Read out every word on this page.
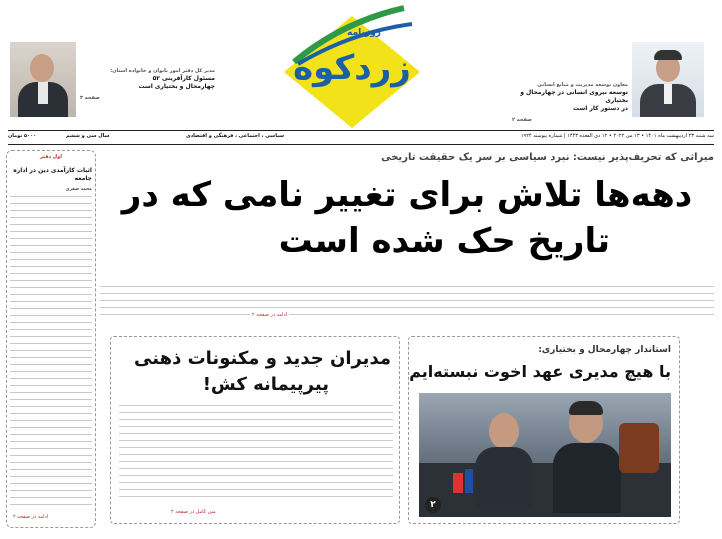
مدیر کل دفتر امور بانوان و خانواده استان:
مسئول کارآفرینی ۵۲
چهارمحال و بختیاری است
صفحه ۳
زردکوه
روزنامه
معاون توسعه مدیریت و منابع انسانی
توسعه نیروی انسانی در چهارمحال و بختیاری
در دستور کار است
صفحه ۲
سه شنبه ۲۳ اردیبهشت ماه ۱۴۰۱ • ۱۳ می ۲۰۲۲ • ۱۲ ذی القعده ۱۴۴۳ | شماره پیوسته ۱۹۲۴
سیاسی ، اجتماعی ، فرهنگی و اقتصادی
سال سی و ششم
۵۰۰۰ تومان
اول دفتر
اثبات کارآمدی دین در اداره جامعه
محمد صفری
ادامه در صفحه ۲
میراثی که تحریف‌پذیر نیست: نبرد سیاسی بر سر یک حقیقت تاریخی
دهه‌ها تلاش برای تغییر نامی که در
تاریخ حک شده است
ادامه در صفحه ۲
مدیران جدید و مکنونات ذهنی
پیرپیمانه کش!
متن کامل در صفحه ۲
استاندار چهارمحال و بختیاری:
با هیچ مدیری عهد اخوت نبسته‌ایم
۲
